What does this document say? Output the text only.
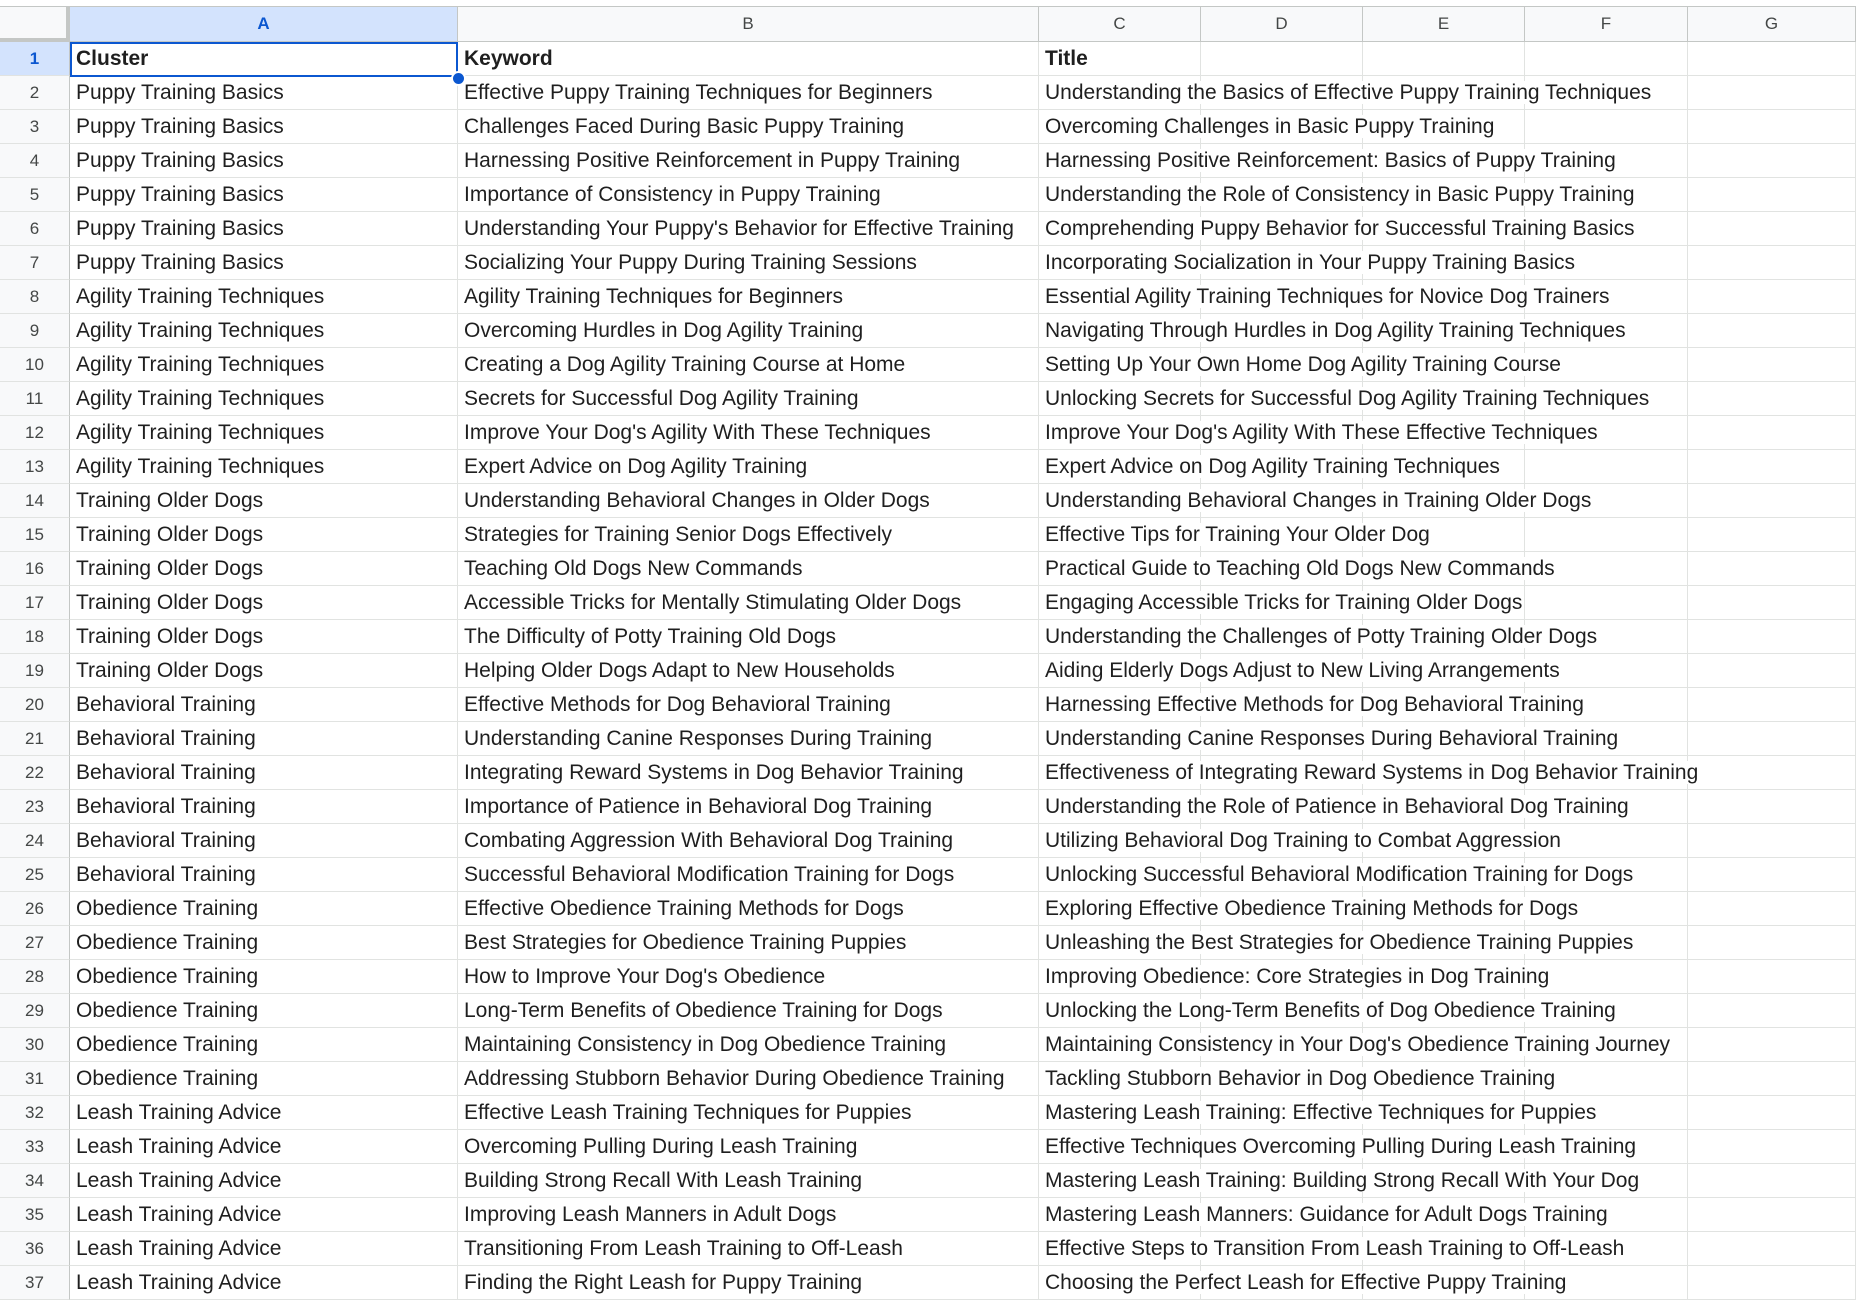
A	B	C	D	E	F	G
1	Cluster	Keyword	Title
2	Puppy Training Basics	Effective Puppy Training Techniques for Beginners	Understanding the Basics of Effective Puppy Training Techniques
3	Puppy Training Basics	Challenges Faced During Basic Puppy Training	Overcoming Challenges in Basic Puppy Training
4	Puppy Training Basics	Harnessing Positive Reinforcement in Puppy Training	Harnessing Positive Reinforcement: Basics of Puppy Training
5	Puppy Training Basics	Importance of Consistency in Puppy Training	Understanding the Role of Consistency in Basic Puppy Training
6	Puppy Training Basics	Understanding Your Puppy's Behavior for Effective Training	Comprehending Puppy Behavior for Successful Training Basics
7	Puppy Training Basics	Socializing Your Puppy During Training Sessions	Incorporating Socialization in Your Puppy Training Basics
8	Agility Training Techniques	Agility Training Techniques for Beginners	Essential Agility Training Techniques for Novice Dog Trainers
9	Agility Training Techniques	Overcoming Hurdles in Dog Agility Training	Navigating Through Hurdles in Dog Agility Training Techniques
10	Agility Training Techniques	Creating a Dog Agility Training Course at Home	Setting Up Your Own Home Dog Agility Training Course
11	Agility Training Techniques	Secrets for Successful Dog Agility Training	Unlocking Secrets for Successful Dog Agility Training Techniques
12	Agility Training Techniques	Improve Your Dog's Agility With These Techniques	Improve Your Dog's Agility With These Effective Techniques
13	Agility Training Techniques	Expert Advice on Dog Agility Training	Expert Advice on Dog Agility Training Techniques
14	Training Older Dogs	Understanding Behavioral Changes in Older Dogs	Understanding Behavioral Changes in Training Older Dogs
15	Training Older Dogs	Strategies for Training Senior Dogs Effectively	Effective Tips for Training Your Older Dog
16	Training Older Dogs	Teaching Old Dogs New Commands	Practical Guide to Teaching Old Dogs New Commands
17	Training Older Dogs	Accessible Tricks for Mentally Stimulating Older Dogs	Engaging Accessible Tricks for Training Older Dogs
18	Training Older Dogs	The Difficulty of Potty Training Old Dogs	Understanding the Challenges of Potty Training Older Dogs
19	Training Older Dogs	Helping Older Dogs Adapt to New Households	Aiding Elderly Dogs Adjust to New Living Arrangements
20	Behavioral Training	Effective Methods for Dog Behavioral Training	Harnessing Effective Methods for Dog Behavioral Training
21	Behavioral Training	Understanding Canine Responses During Training	Understanding Canine Responses During Behavioral Training
22	Behavioral Training	Integrating Reward Systems in Dog Behavior Training	Effectiveness of Integrating Reward Systems in Dog Behavior Training
23	Behavioral Training	Importance of Patience in Behavioral Dog Training	Understanding the Role of Patience in Behavioral Dog Training
24	Behavioral Training	Combating Aggression With Behavioral Dog Training	Utilizing Behavioral Dog Training to Combat Aggression
25	Behavioral Training	Successful Behavioral Modification Training for Dogs	Unlocking Successful Behavioral Modification Training for Dogs
26	Obedience Training	Effective Obedience Training Methods for Dogs	Exploring Effective Obedience Training Methods for Dogs
27	Obedience Training	Best Strategies for Obedience Training Puppies	Unleashing the Best Strategies for Obedience Training Puppies
28	Obedience Training	How to Improve Your Dog's Obedience	Improving Obedience: Core Strategies in Dog Training
29	Obedience Training	Long-Term Benefits of Obedience Training for Dogs	Unlocking the Long-Term Benefits of Dog Obedience Training
30	Obedience Training	Maintaining Consistency in Dog Obedience Training	Maintaining Consistency in Your Dog's Obedience Training Journey
31	Obedience Training	Addressing Stubborn Behavior During Obedience Training	Tackling Stubborn Behavior in Dog Obedience Training
32	Leash Training Advice	Effective Leash Training Techniques for Puppies	Mastering Leash Training: Effective Techniques for Puppies
33	Leash Training Advice	Overcoming Pulling During Leash Training	Effective Techniques Overcoming Pulling During Leash Training
34	Leash Training Advice	Building Strong Recall With Leash Training	Mastering Leash Training: Building Strong Recall With Your Dog
35	Leash Training Advice	Improving Leash Manners in Adult Dogs	Mastering Leash Manners: Guidance for Adult Dogs Training
36	Leash Training Advice	Transitioning From Leash Training to Off-Leash	Effective Steps to Transition From Leash Training to Off-Leash
37	Leash Training Advice	Finding the Right Leash for Puppy Training	Choosing the Perfect Leash for Effective Puppy Training
